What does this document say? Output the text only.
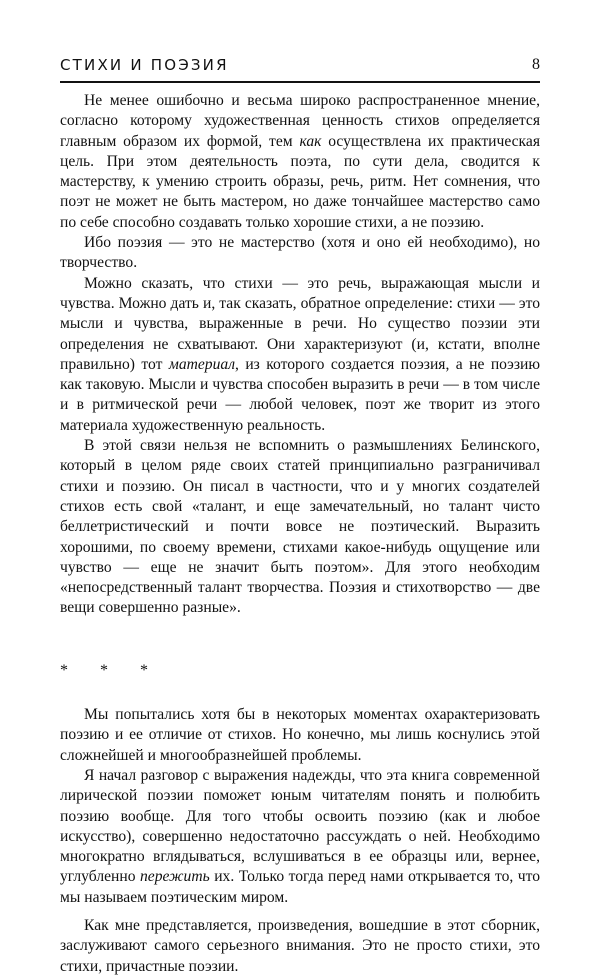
СТИХИ И ПОЭЗИЯ	8

Не менее ошибочно и весьма широко распространенное мнение, согласно которому художественная ценность стихов определяется главным образом их формой, тем как осуществлена их практическая цель. При этом деятельность поэта, по сути дела, сводится к мастерству, к умению строить образы, речь, ритм. Нет сомнения, что поэт не может не быть мастером, но даже тончайшее мастерство само по себе способно создавать только хорошие стихи, а не поэзию.

Ибо поэзия — это не мастерство (хотя и оно ей необходимо), но творчество.

Можно сказать, что стихи — это речь, выражающая мысли и чувства. Можно дать и, так сказать, обратное определение: стихи — это мысли и чувства, выраженные в речи. Но существо поэзии эти определения не схватывают. Они характеризуют (и, кстати, вполне правильно) тот материал, из которого создается поэзия, а не поэзию как таковую. Мысли и чувства способен выразить в речи — в том числе и в ритмической речи — любой человек, поэт же творит из этого материала художественную реальность.

В этой связи нельзя не вспомнить о размышлениях Белинского, который в целом ряде своих статей принципиально разграничивал стихи и поэзию. Он писал в частности, что и у многих создателей стихов есть свой «талант, и еще замечательный, но талант чисто беллетристический и почти вовсе не поэтический. Выразить хорошими, по своему времени, стихами какое-нибудь ощущение или чувство — еще не значит быть поэтом». Для этого необходим «непосредственный талант творчества. Поэзия и стихотворство — две вещи совершенно разные».

* * *

Мы попытались хотя бы в некоторых моментах охарактеризовать поэзию и ее отличие от стихов. Но конечно, мы лишь коснулись этой сложнейшей и многообразнейшей проблемы.

Я начал разговор с выражения надежды, что эта книга современной лирической поэзии поможет юным читателям понять и полюбить поэзию вообще. Для того чтобы освоить поэзию (как и любое искусство), совершенно недостаточно рассуждать о ней. Необходимо многократно вглядываться, вслушиваться в ее образцы или, вернее, углубленно пережить их. Только тогда перед нами открывается то, что мы называем поэтическим миром.

Как мне представляется, произведения, вошедшие в этот сборник, заслуживают самого серьезного внимания. Это не просто стихи, это стихи, причастные поэзии.
